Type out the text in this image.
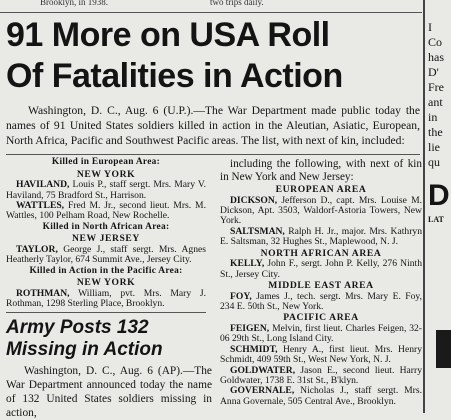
Brooklyn, in 1938.	two trips daily.
91 More on USA Roll
Of Fatalities in Action
Washington, D. C., Aug. 6 (U.P.).—The War Department made public today the names of 91 United States soldiers killed in action in the Aleutian, Asiatic, European, North Africa, Pacific and Southwest Pacific areas. The list, with next of kin, included:
Killed in European Area:
NEW YORK
HAVILAND, Louis P., staff sergt. Mrs. Mary V. Haviland, 75 Bradford St., Harrison.
WATTLES, Fred M. Jr., second lieut. Mrs. M. Wattles, 100 Pelham Road, New Rochelle.
Killed in North African Area:
NEW JERSEY
TAYLOR, George J., staff sergt. Mrs. Agnes Heatherly Taylor, 674 Summit Ave., Jersey City.
Killed in Action in the Pacific Area:
NEW YORK
ROTHMAN, William, pvt. Mrs. Mary J. Rothman, 1298 Sterling Place, Brooklyn.
including the following, with next of kin in New York and New Jersey:
EUROPEAN AREA
DICKSON, Jefferson D., capt. Mrs. Louise M. Dickson, Apt. 3503, Waldorf-Astoria Towers, New York.
SALTSMAN, Ralph H. Jr., major. Mrs. Kathryn E. Saltsman, 32 Hughes St., Maplewood, N. J.
NORTH AFRICAN AREA
KELLY, John F., sergt. John P. Kelly, 276 Ninth St., Jersey City.
MIDDLE EAST AREA
FOY, James J., tech. sergt. Mrs. Mary E. Foy, 234 E. 50th St., New York.
PACIFIC AREA
FEIGEN, Melvin, first lieut. Charles Feigen, 32-06 29th St., Long Island City.
SCHMIDT, Henry A., first lieut. Mrs. Henry Schmidt, 409 59th St., West New York, N. J.
GOLDWATER, Jason E., second lieut. Harry Goldwater, 1738 E. 31st St., B'klyn.
GOVERNALE, Nicholas J., staff sergt. Mrs. Anna Governale, 505 Central Ave., Brooklyn.
Army Posts 132
Missing in Action
Washington, D. C., Aug. 6 (AP).—The War Department announced today the name of 132 United States soldiers missing in action,
I
Co
has
D'
Fre
ant
in
the
lie
qu
D
LAT
